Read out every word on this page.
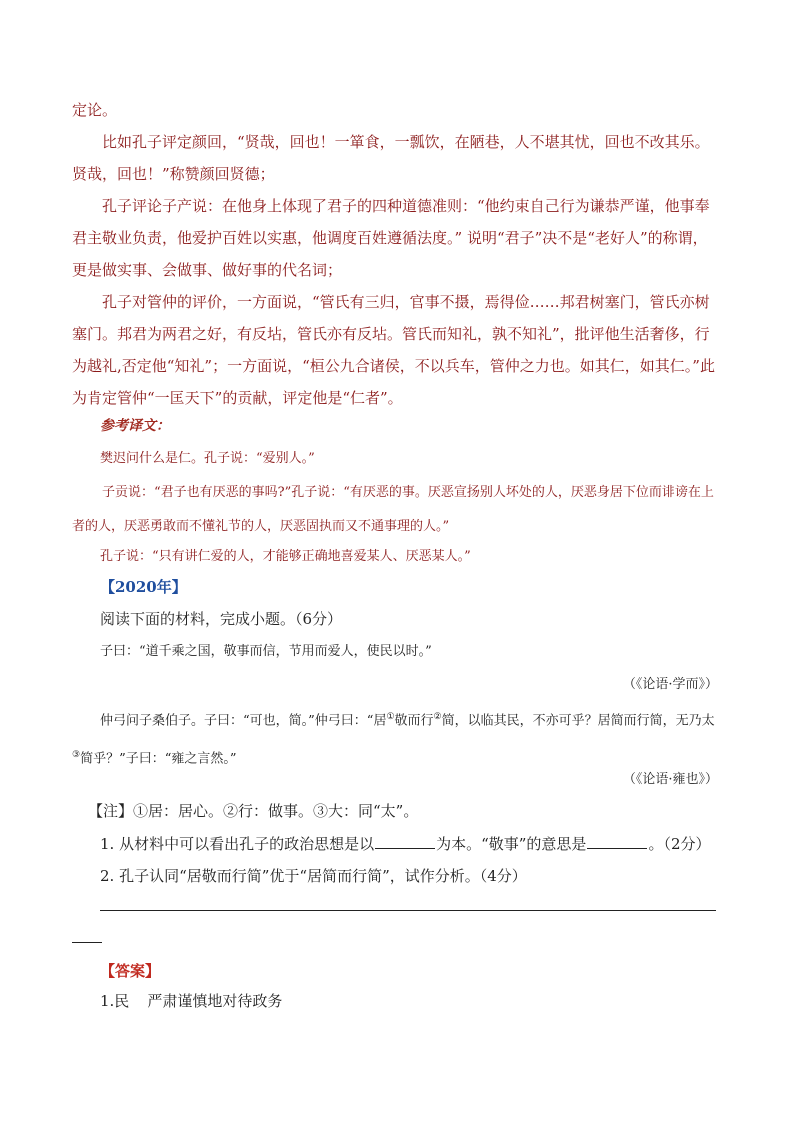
定论。

比如孔子评定颜回，“贤哉，回也！一箪食，一瓢饮，在陋巷，人不堪其忧，回也不改其乐。贤哉，回也！”称赞颜回贤德；

孔子评论子产说：在他身上体现了君子的四种道德准则：“他约束自己行为谦恭严谨，他事奉君主敬业负责，他爱护百姓以实惠，他调度百姓遵循法度。” 说明“君子”决不是“老好人”的称谓，更是做实事、会做事、做好事的代名词；

孔子对管仲的评价，一方面说，“管氏有三归，官事不摄，焉得俭……邦君树塞门，管氏亦树塞门。邦君为两君之好，有反坫，管氏亦有反坫。管氏而知礼，孰不知礼”，批评他生活奢侈，行为越礼,否定他“知礼”；一方面说，“桓公九合诸侯，不以兵车，管仲之力也。如其仁，如其仁。”此为肯定管仲“一匡天下”的贡献，评定他是“仁者”。

参考译文：

樊迟问什么是仁。孔子说：“爱别人。”

子贡说：“君子也有厌恶的事吗?”孔子说：“有厌恶的事。厌恶宣扬别人坏处的人，厌恶身居下位而诽谤在上者的人，厌恶勇敢而不懂礼节的人，厌恶固执而又不通事理的人。”

孔子说：“只有讲仁爱的人，才能够正确地喜爱某人、厌恶某人。”

【2020年】

阅读下面的材料，完成小题。（6分）

子曰：“道千乘之国，敬事而信，节用而爱人，使民以时。”

（《论语·学而》）

仲弓问子桑伯子。子曰：“可也，简。”仲弓曰：“居①敬而行②简，以临其民，不亦可乎？居简而行简，无乃太③简乎？”子曰：“雍之言然。”

（《论语·雍也》）

【注】①居：居心。②行：做事。③大：同“太”。

1. 从材料中可以看出孔子的政治思想是以	为本。“敬事”的意思是	。（2分）

2. 孔子认同“居敬而行简”优于“居简而行简”，试作分析。（4分）

【答案】

1.民 严肃谨慎地对待政务
